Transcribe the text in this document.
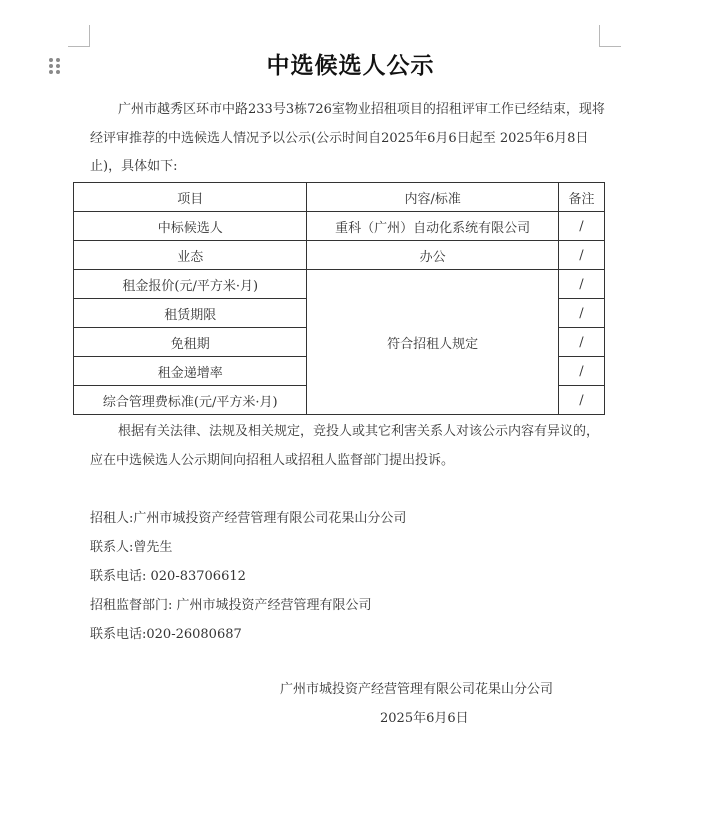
中选候选人公示
广州市越秀区环市中路233号3栋726室物业招租项目的招租评审工作已经结束，现将经评审推荐的中选候选人情况予以公示(公示时间自2025年6月6日起至 2025年6月8日止)，具体如下:
项目	内容/标准	备注
中标候选人	重科（广州）自动化系统有限公司	/
业态	办公	/
租金报价(元/平方米·月)	符合招租人规定	/
租赁期限		/
免租期		/
租金递增率		/
综合管理费标准(元/平方米·月)		/
根据有关法律、法规及相关规定，竞投人或其它利害关系人对该公示内容有异议的，应在中选候选人公示期间向招租人或招租人监督部门提出投诉。
招租人:广州市城投资产经营管理有限公司花果山分公司
联系人:曾先生
联系电话: 020-83706612
招租监督部门: 广州市城投资产经营管理有限公司
联系电话:020-26080687
广州市城投资产经营管理有限公司花果山分公司
2025年6月6日
